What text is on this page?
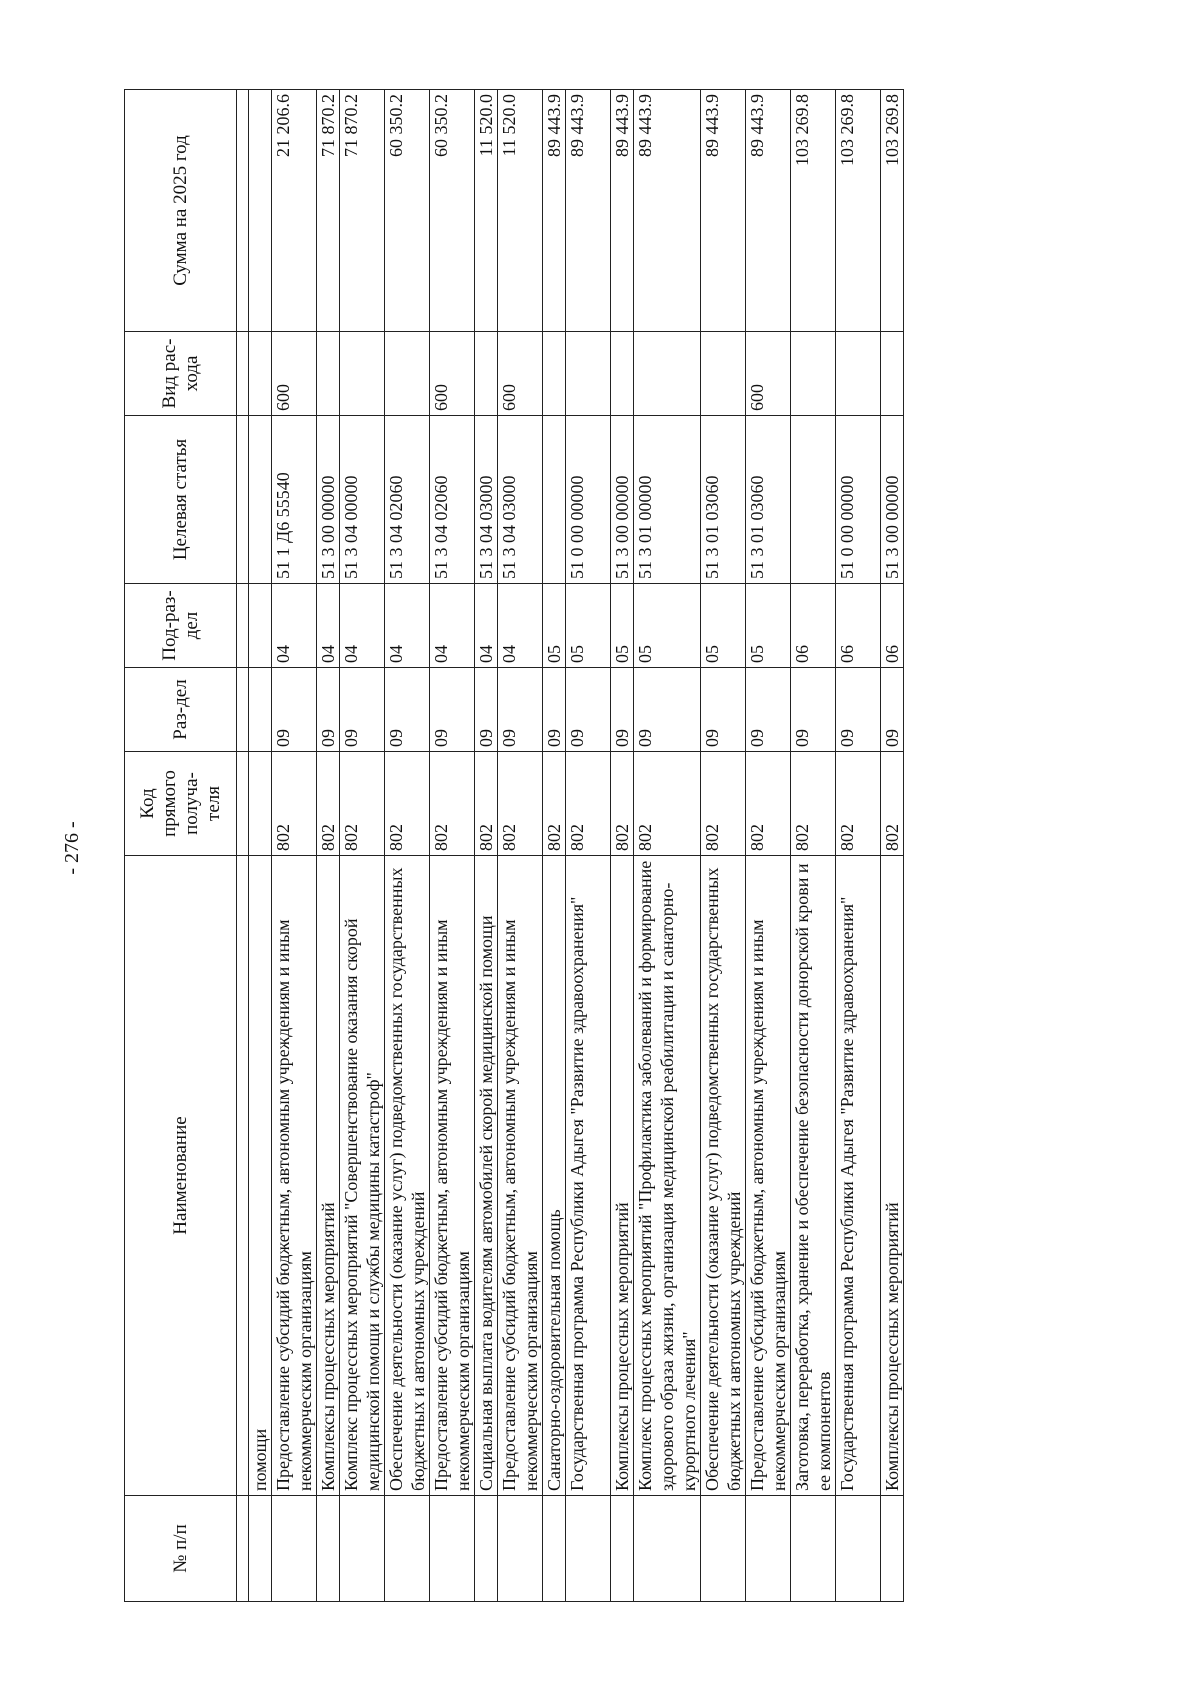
- 276 -
№ п/п	Наименование	Код прямого получа-теля	Раз-дел	Под-раз-дел	Целевая статья	Вид рас-хода	Сумма на 2025 год

	помощи						
	Предоставление субсидий бюджетным, автономным учреждениям и иным некоммерческим организациям	802	09	04	51 1 Д6 55540	600	21 206.6
	Комплексы процессных мероприятий	802	09	04	51 3 00 00000		71 870.2
	Комплекс процессных мероприятий "Совершенствование оказания скорой медицинской помощи и службы медицины катастроф"	802	09	04	51 3 04 00000		71 870.2
	Обеспечение деятельности (оказание услуг) подведомственных государственных бюджетных и автономных учреждений	802	09	04	51 3 04 02060		60 350.2
	Предоставление субсидий бюджетным, автономным учреждениям и иным некоммерческим организациям	802	09	04	51 3 04 02060	600	60 350.2
	Социальная выплата водителям автомобилей скорой медицинской помощи	802	09	04	51 3 04 03000		11 520.0
	Предоставление субсидий бюджетным, автономным учреждениям и иным некоммерческим организациям	802	09	04	51 3 04 03000	600	11 520.0
	Санаторно-оздоровительная помощь	802	09	05			89 443.9
	Государственная программа Республики Адыгея "Развитие здравоохранения"	802	09	05	51 0 00 00000		89 443.9
	Комплексы процессных мероприятий	802	09	05	51 3 00 00000		89 443.9
	Комплекс процессных мероприятий "Профилактика заболеваний и формирование здорового образа жизни, организация медицинской реабилитации и санаторно-курортного лечения"	802	09	05	51 3 01 00000		89 443.9
	Обеспечение деятельности (оказание услуг) подведомственных государственных бюджетных и автономных учреждений	802	09	05	51 3 01 03060		89 443.9
	Предоставление субсидий бюджетным, автономным учреждениям и иным некоммерческим организациям	802	09	05	51 3 01 03060	600	89 443.9
	Заготовка, переработка, хранение и обеспечение безопасности донорской крови и ее компонентов	802	09	06			103 269.8
	Государственная программа Республики Адыгея "Развитие здравоохранения"	802	09	06	51 0 00 00000		103 269.8
	Комплексы процессных мероприятий	802	09	06	51 3 00 00000		103 269.8
